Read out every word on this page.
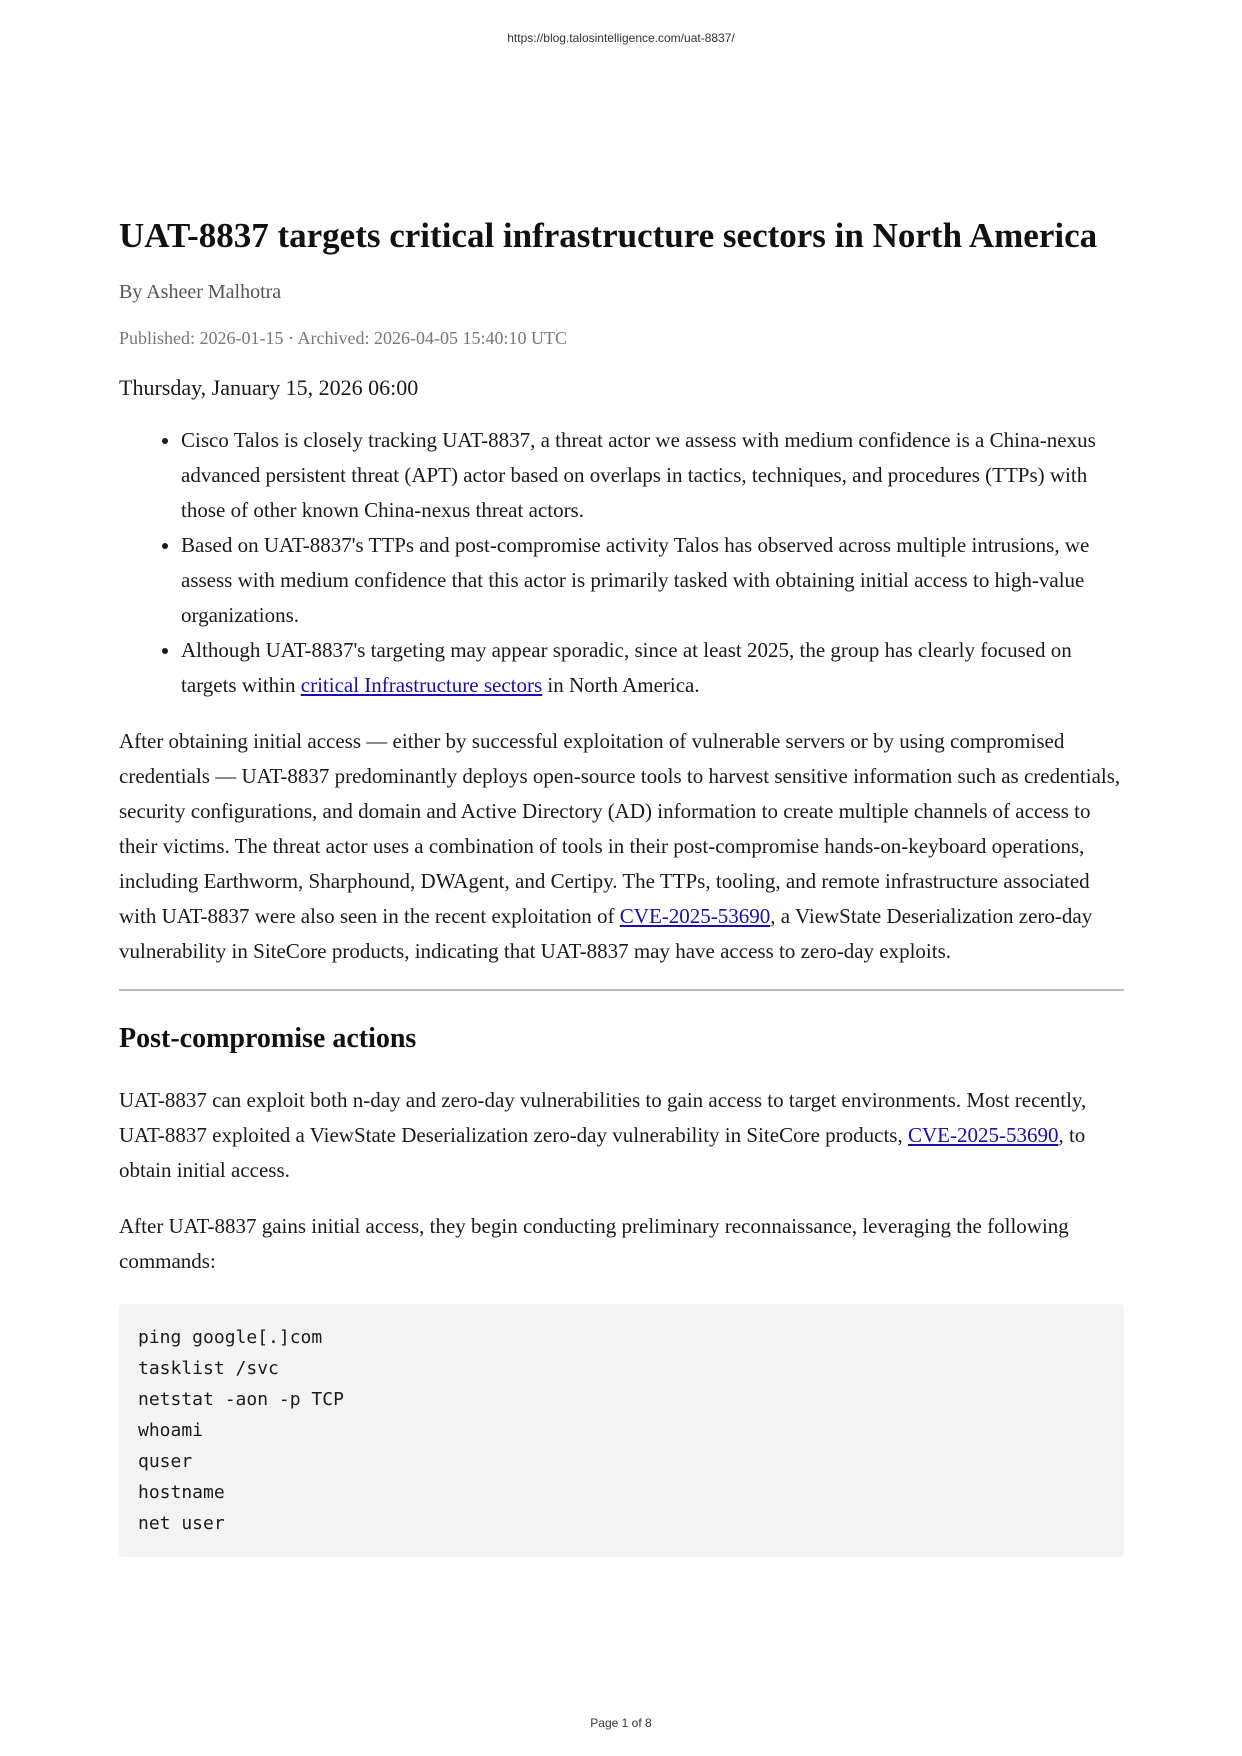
https://blog.talosintelligence.com/uat-8837/
UAT-8837 targets critical infrastructure sectors in North America
By Asheer Malhotra
Published: 2026-01-15 · Archived: 2026-04-05 15:40:10 UTC
Thursday, January 15, 2026 06:00
• Cisco Talos is closely tracking UAT-8837, a threat actor we assess with medium confidence is a China-nexus advanced persistent threat (APT) actor based on overlaps in tactics, techniques, and procedures (TTPs) with those of other known China-nexus threat actors.
• Based on UAT-8837's TTPs and post-compromise activity Talos has observed across multiple intrusions, we assess with medium confidence that this actor is primarily tasked with obtaining initial access to high-value organizations.
• Although UAT-8837's targeting may appear sporadic, since at least 2025, the group has clearly focused on targets within critical Infrastructure sectors in North America.

After obtaining initial access — either by successful exploitation of vulnerable servers or by using compromised credentials — UAT-8837 predominantly deploys open-source tools to harvest sensitive information such as credentials, security configurations, and domain and Active Directory (AD) information to create multiple channels of access to their victims. The threat actor uses a combination of tools in their post-compromise hands-on-keyboard operations, including Earthworm, Sharphound, DWAgent, and Certipy. The TTPs, tooling, and remote infrastructure associated with UAT-8837 were also seen in the recent exploitation of CVE-2025-53690, a ViewState Deserialization zero-day vulnerability in SiteCore products, indicating that UAT-8837 may have access to zero-day exploits.

Post-compromise actions

UAT-8837 can exploit both n-day and zero-day vulnerabilities to gain access to target environments. Most recently, UAT-8837 exploited a ViewState Deserialization zero-day vulnerability in SiteCore products, CVE-2025-53690, to obtain initial access.

After UAT-8837 gains initial access, they begin conducting preliminary reconnaissance, leveraging the following commands:

ping google[.]com
tasklist /svc
netstat -aon -p TCP
whoami
quser
hostname
net user
Page 1 of 8
